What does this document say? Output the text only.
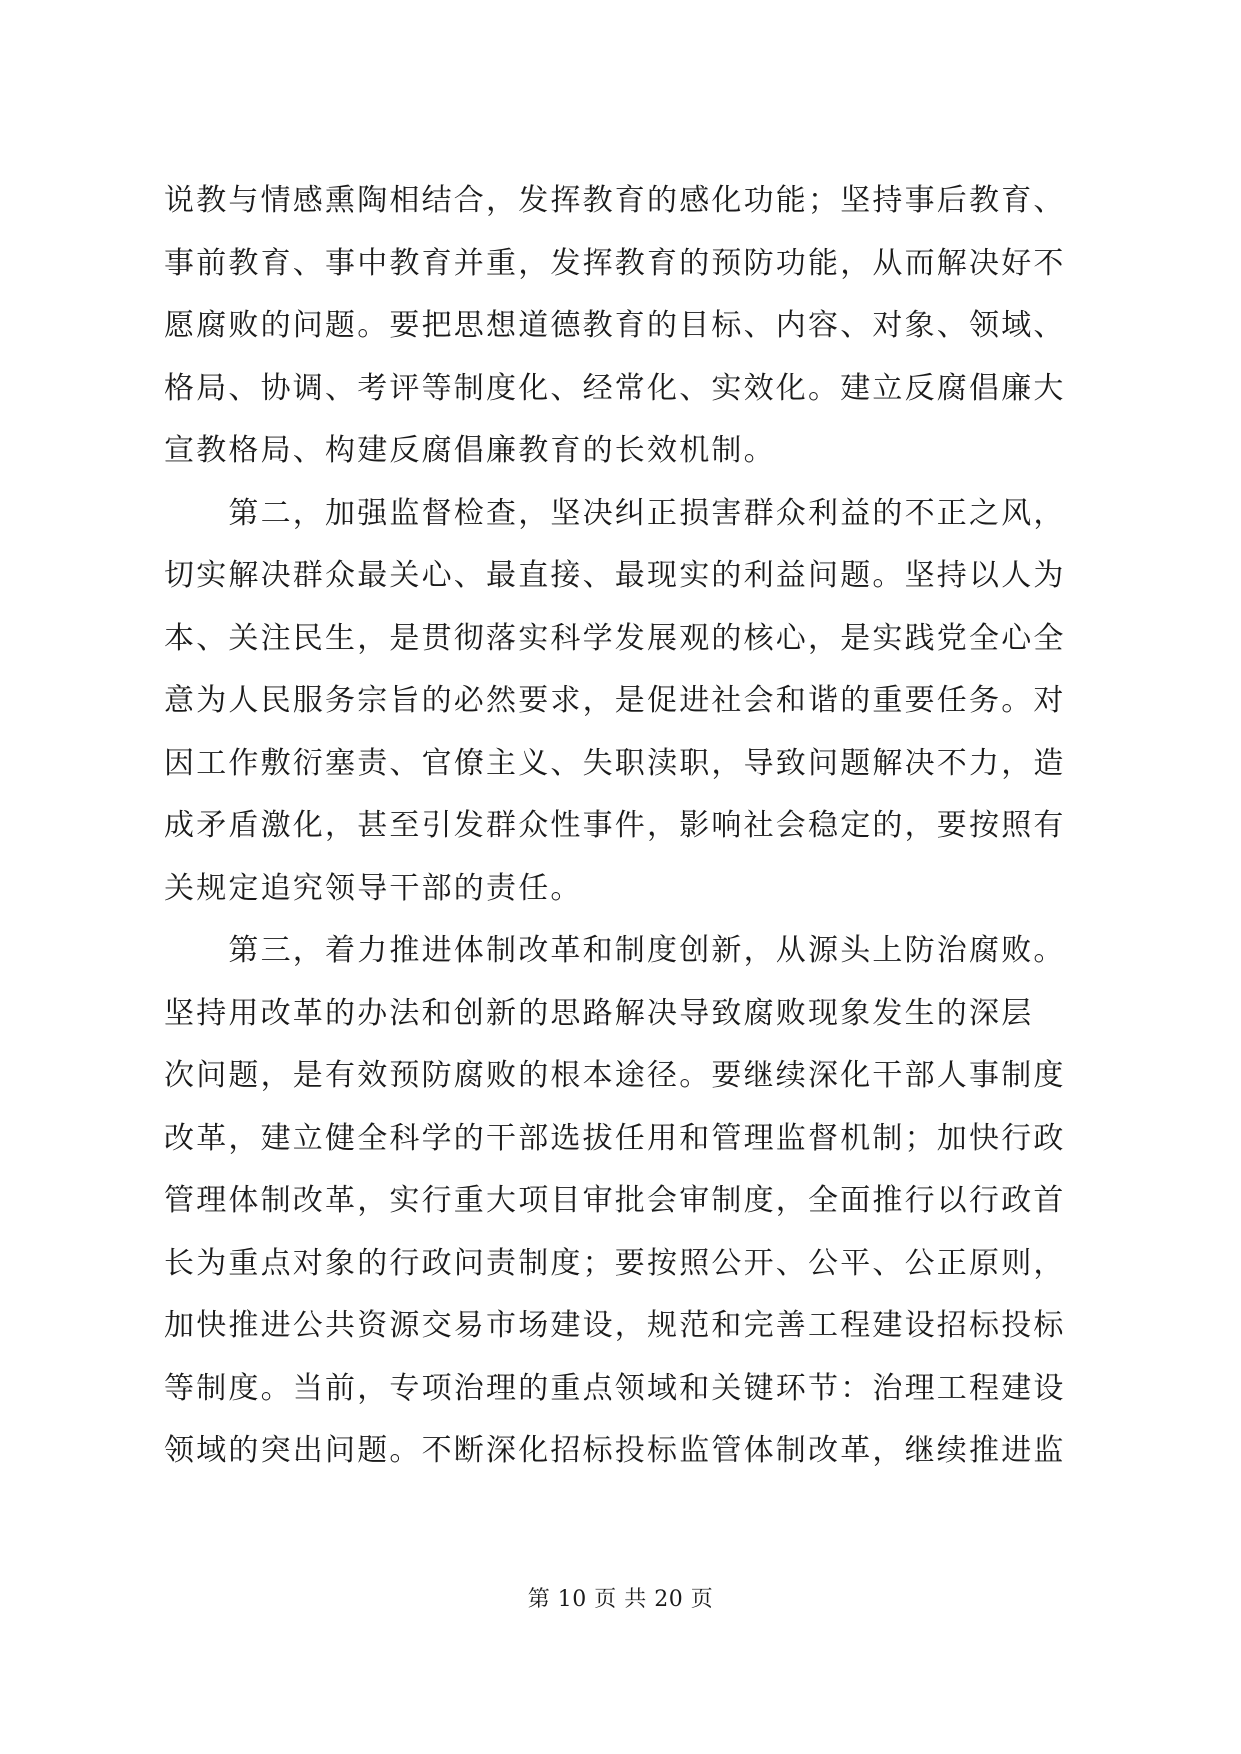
说教与情感熏陶相结合，发挥教育的感化功能；坚持事后教育、
事前教育、事中教育并重，发挥教育的预防功能，从而解决好不
愿腐败的问题。要把思想道德教育的目标、内容、对象、领域、
格局、协调、考评等制度化、经常化、实效化。建立反腐倡廉大
宣教格局、构建反腐倡廉教育的长效机制。
　　第二，加强监督检查，坚决纠正损害群众利益的不正之风，
切实解决群众最关心、最直接、最现实的利益问题。坚持以人为
本、关注民生，是贯彻落实科学发展观的核心，是实践党全心全
意为人民服务宗旨的必然要求，是促进社会和谐的重要任务。对
因工作敷衍塞责、官僚主义、失职渎职，导致问题解决不力，造
成矛盾激化，甚至引发群众性事件，影响社会稳定的，要按照有
关规定追究领导干部的责任。
　　第三，着力推进体制改革和制度创新，从源头上防治腐败。
坚持用改革的办法和创新的思路解决导致腐败现象发生的深层
次问题，是有效预防腐败的根本途径。要继续深化干部人事制度
改革，建立健全科学的干部选拔任用和管理监督机制；加快行政
管理体制改革，实行重大项目审批会审制度，全面推行以行政首
长为重点对象的行政问责制度；要按照公开、公平、公正原则，
加快推进公共资源交易市场建设，规范和完善工程建设招标投标
等制度。当前，专项治理的重点领域和关键环节：治理工程建设
领域的突出问题。不断深化招标投标监管体制改革，继续推进监
第 10 页 共 20 页
